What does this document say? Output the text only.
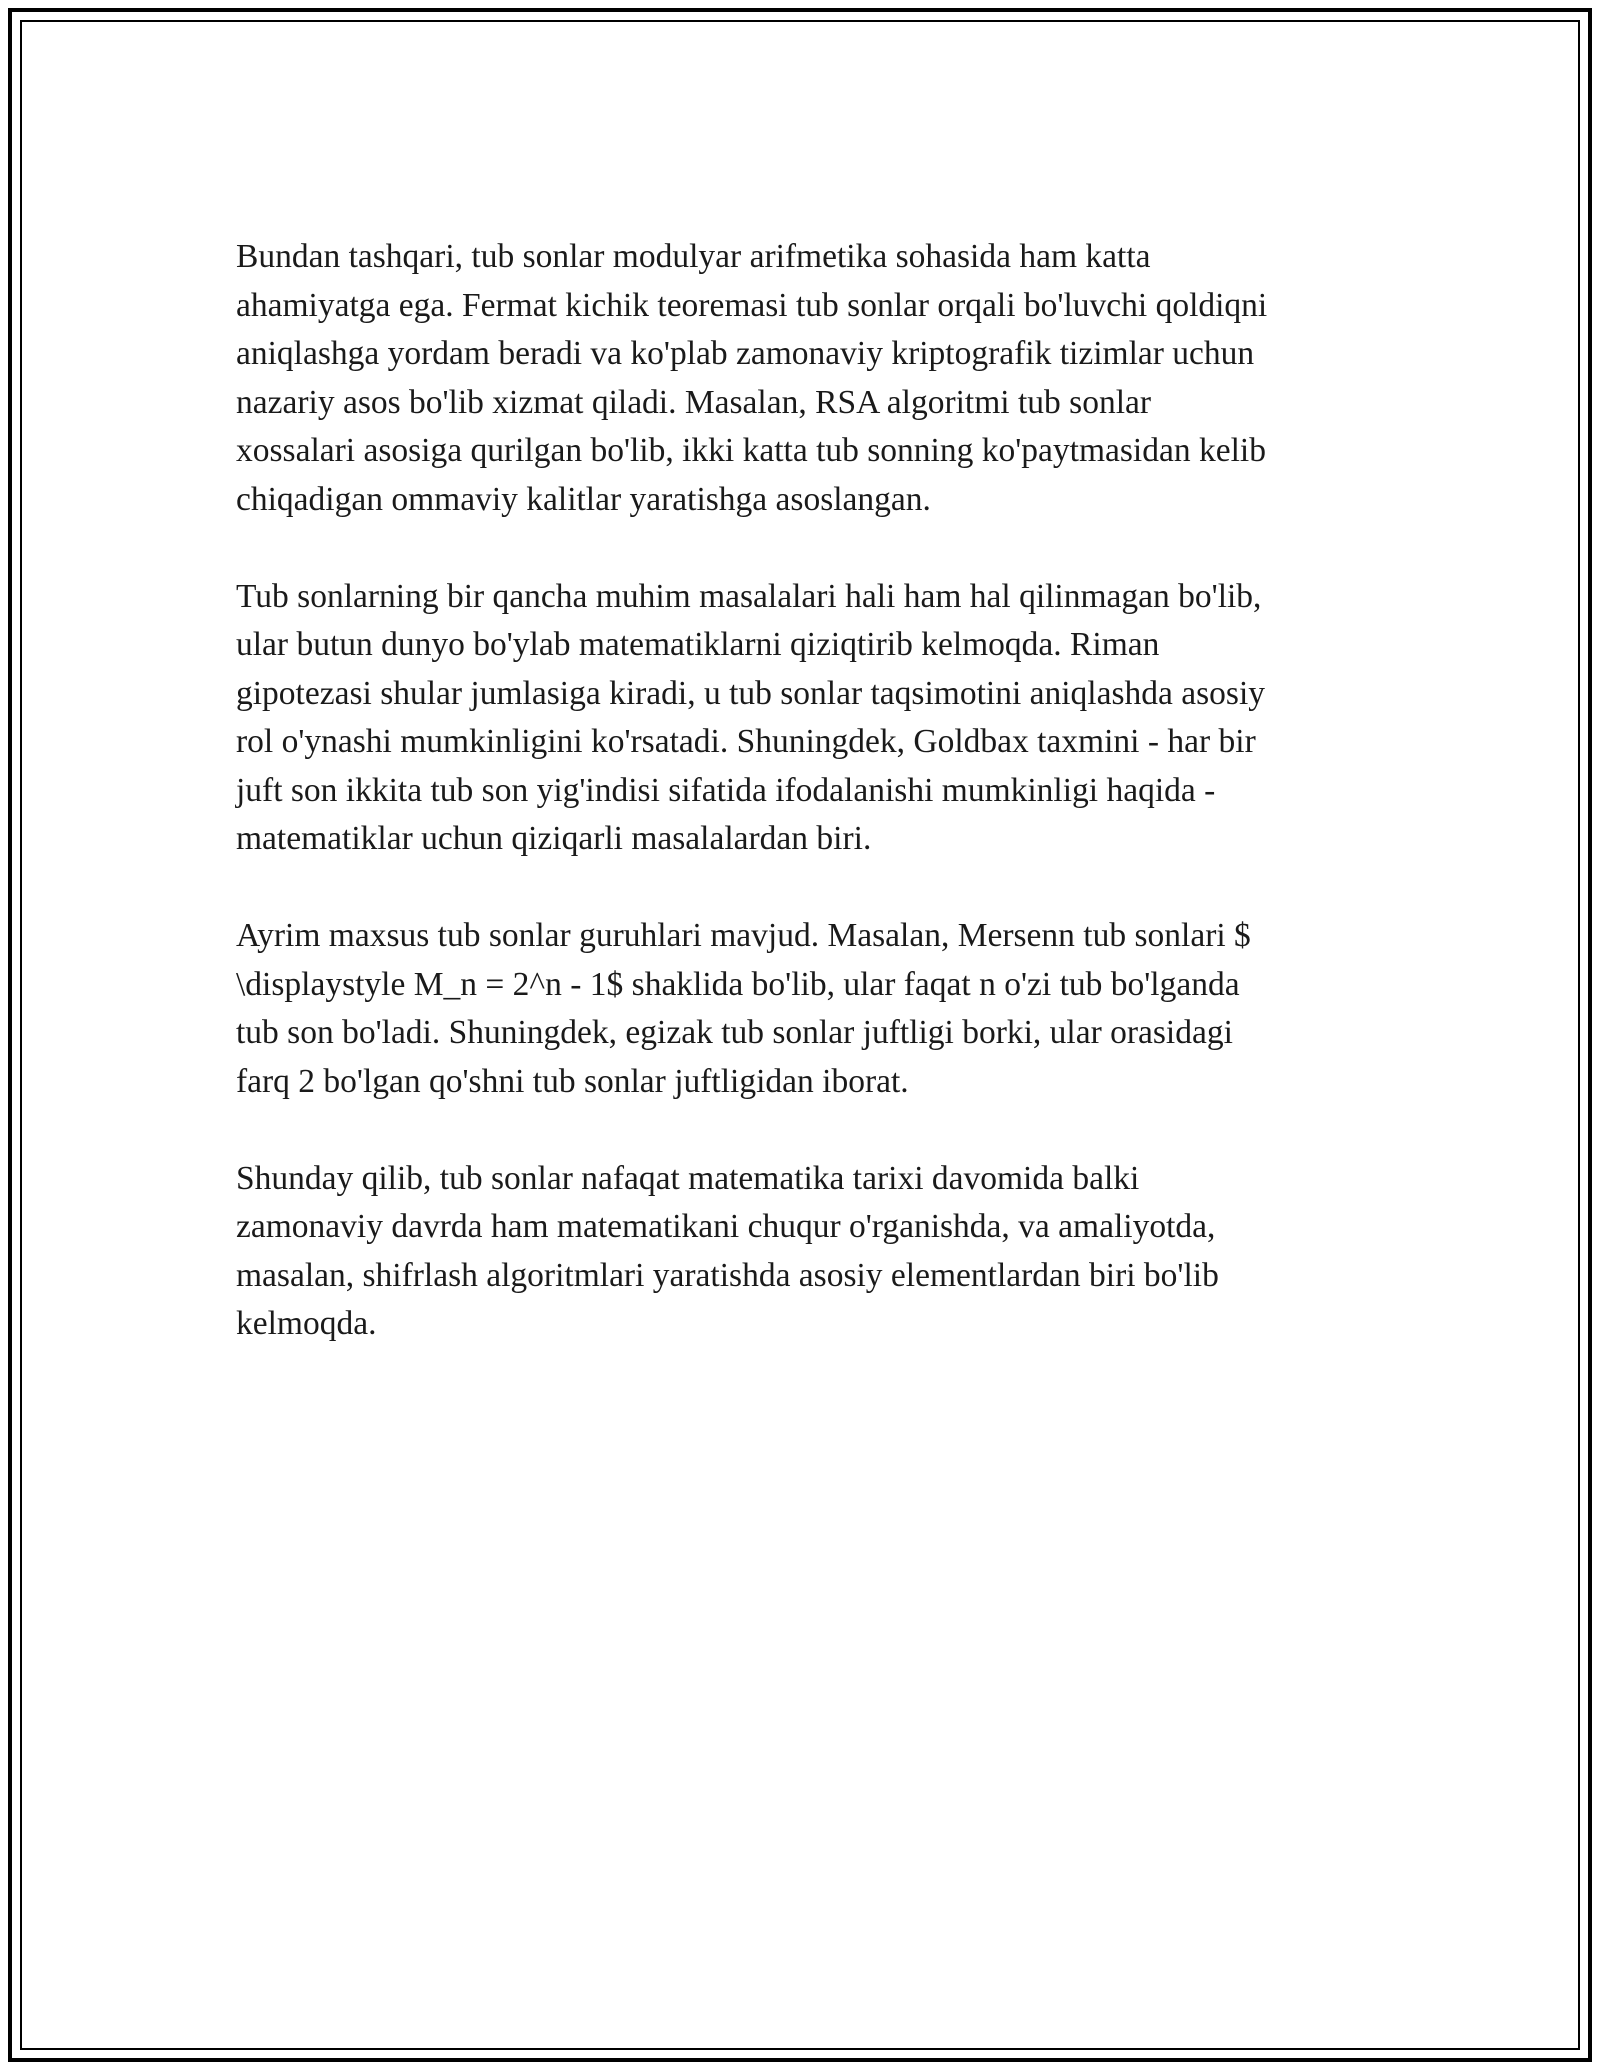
Bundan tashqari, tub sonlar modulyar arifmetika sohasida ham katta
ahamiyatga ega. Fermat kichik teoremasi tub sonlar orqali bo'luvchi qoldiqni
aniqlashga yordam beradi va ko'plab zamonaviy kriptografik tizimlar uchun
nazariy asos bo'lib xizmat qiladi. Masalan, RSA algoritmi tub sonlar
xossalari asosiga qurilgan bo'lib, ikki katta tub sonning ko'paytmasidan kelib
chiqadigan ommaviy kalitlar yaratishga asoslangan.

Tub sonlarning bir qancha muhim masalalari hali ham hal qilinmagan bo'lib,
ular butun dunyo bo'ylab matematiklarni qiziqtirib kelmoqda. Riman
gipotezasi shular jumlasiga kiradi, u tub sonlar taqsimotini aniqlashda asosiy
rol o'ynashi mumkinligini ko'rsatadi. Shuningdek, Goldbax taxmini - har bir
juft son ikkita tub son yig'indisi sifatida ifodalanishi mumkinligi haqida -
matematiklar uchun qiziqarli masalalardan biri.

Ayrim maxsus tub sonlar guruhlari mavjud. Masalan, Mersenn tub sonlari $
\displaystyle M_n = 2^n - 1$ shaklida bo'lib, ular faqat n o'zi tub bo'lganda
tub son bo'ladi. Shuningdek, egizak tub sonlar juftligi borki, ular orasidagi
farq 2 bo'lgan qo'shni tub sonlar juftligidan iborat.

Shunday qilib, tub sonlar nafaqat matematika tarixi davomida balki
zamonaviy davrda ham matematikani chuqur o'rganishda, va amaliyotda,
masalan, shifrlash algoritmlari yaratishda asosiy elementlardan biri bo'lib
kelmoqda.
